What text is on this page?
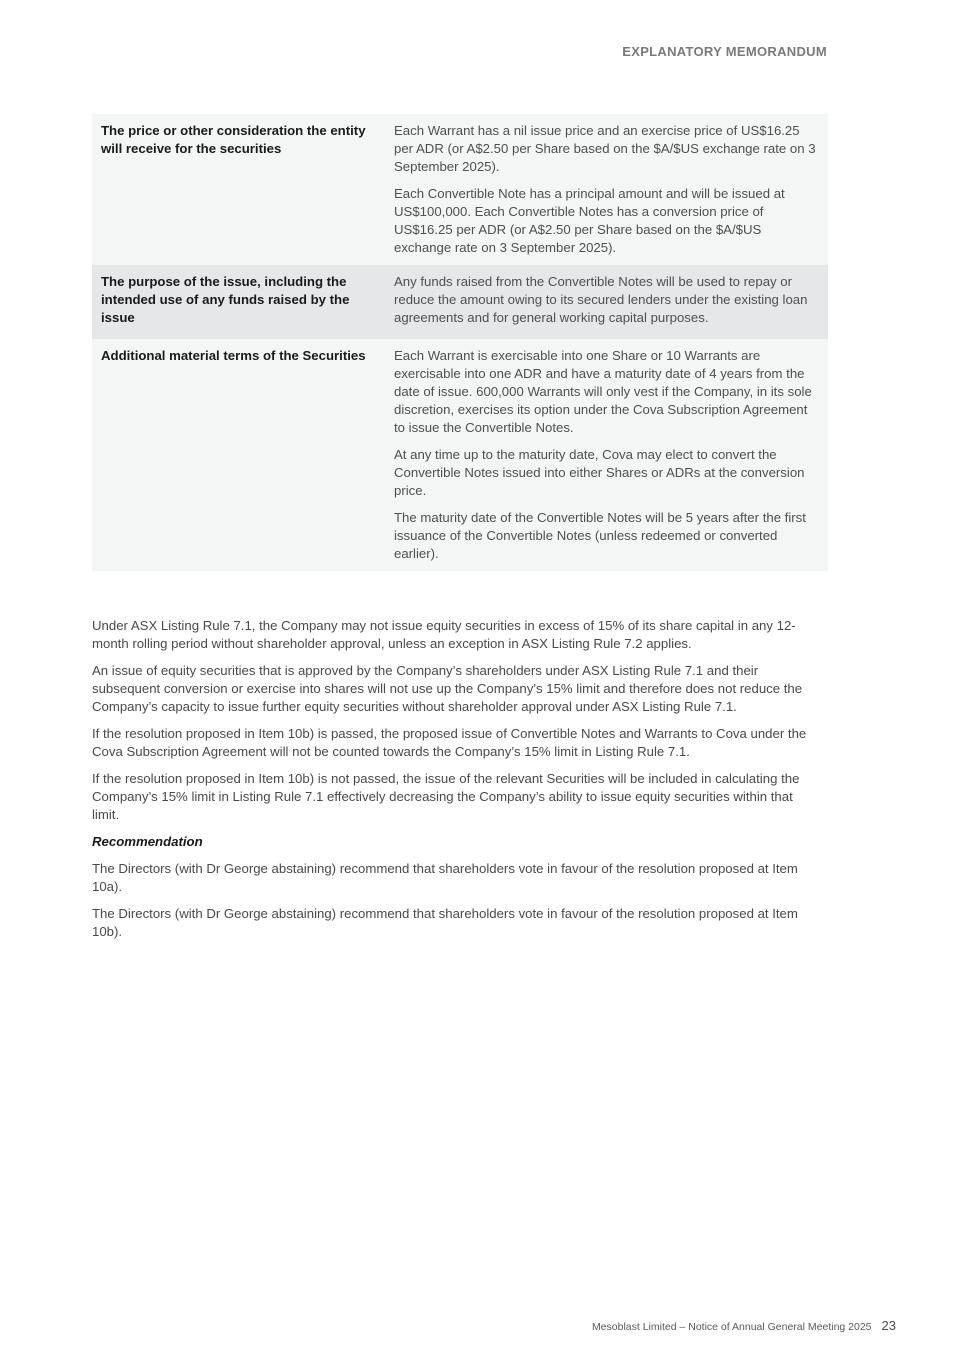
EXPLANATORY MEMORANDUM
The price or other consideration the entity will receive for the securities	Each Warrant has a nil issue price and an exercise price of US$16.25 per ADR (or A$2.50 per Share based on the $A/$US exchange rate on 3 September 2025).

Each Convertible Note has a principal amount and will be issued at US$100,000. Each Convertible Notes has a conversion price of US$16.25 per ADR (or A$2.50 per Share based on the $A/$US exchange rate on 3 September 2025).

The purpose of the issue, including the intended use of any funds raised by the issue	Any funds raised from the Convertible Notes will be used to repay or reduce the amount owing to its secured lenders under the existing loan agreements and for general working capital purposes.

Additional material terms of the Securities	Each Warrant is exercisable into one Share or 10 Warrants are exercisable into one ADR and have a maturity date of 4 years from the date of issue. 600,000 Warrants will only vest if the Company, in its sole discretion, exercises its option under the Cova Subscription Agreement to issue the Convertible Notes.

At any time up to the maturity date, Cova may elect to convert the Convertible Notes issued into either Shares or ADRs at the conversion price.

The maturity date of the Convertible Notes will be 5 years after the first issuance of the Convertible Notes (unless redeemed or converted earlier).

Under ASX Listing Rule 7.1, the Company may not issue equity securities in excess of 15% of its share capital in any 12-month rolling period without shareholder approval, unless an exception in ASX Listing Rule 7.2 applies.

An issue of equity securities that is approved by the Company’s shareholders under ASX Listing Rule 7.1 and their subsequent conversion or exercise into shares will not use up the Company’s 15% limit and therefore does not reduce the Company’s capacity to issue further equity securities without shareholder approval under ASX Listing Rule 7.1.

If the resolution proposed in Item 10b) is passed, the proposed issue of Convertible Notes and Warrants to Cova under the Cova Subscription Agreement will not be counted towards the Company’s 15% limit in Listing Rule 7.1.

If the resolution proposed in Item 10b) is not passed, the issue of the relevant Securities will be included in calculating the Company’s 15% limit in Listing Rule 7.1 effectively decreasing the Company’s ability to issue equity securities within that limit.

Recommendation

The Directors (with Dr George abstaining) recommend that shareholders vote in favour of the resolution proposed at Item 10a).

The Directors (with Dr George abstaining) recommend that shareholders vote in favour of the resolution proposed at Item 10b).

Mesoblast Limited – Notice of Annual General Meeting 2025 23
